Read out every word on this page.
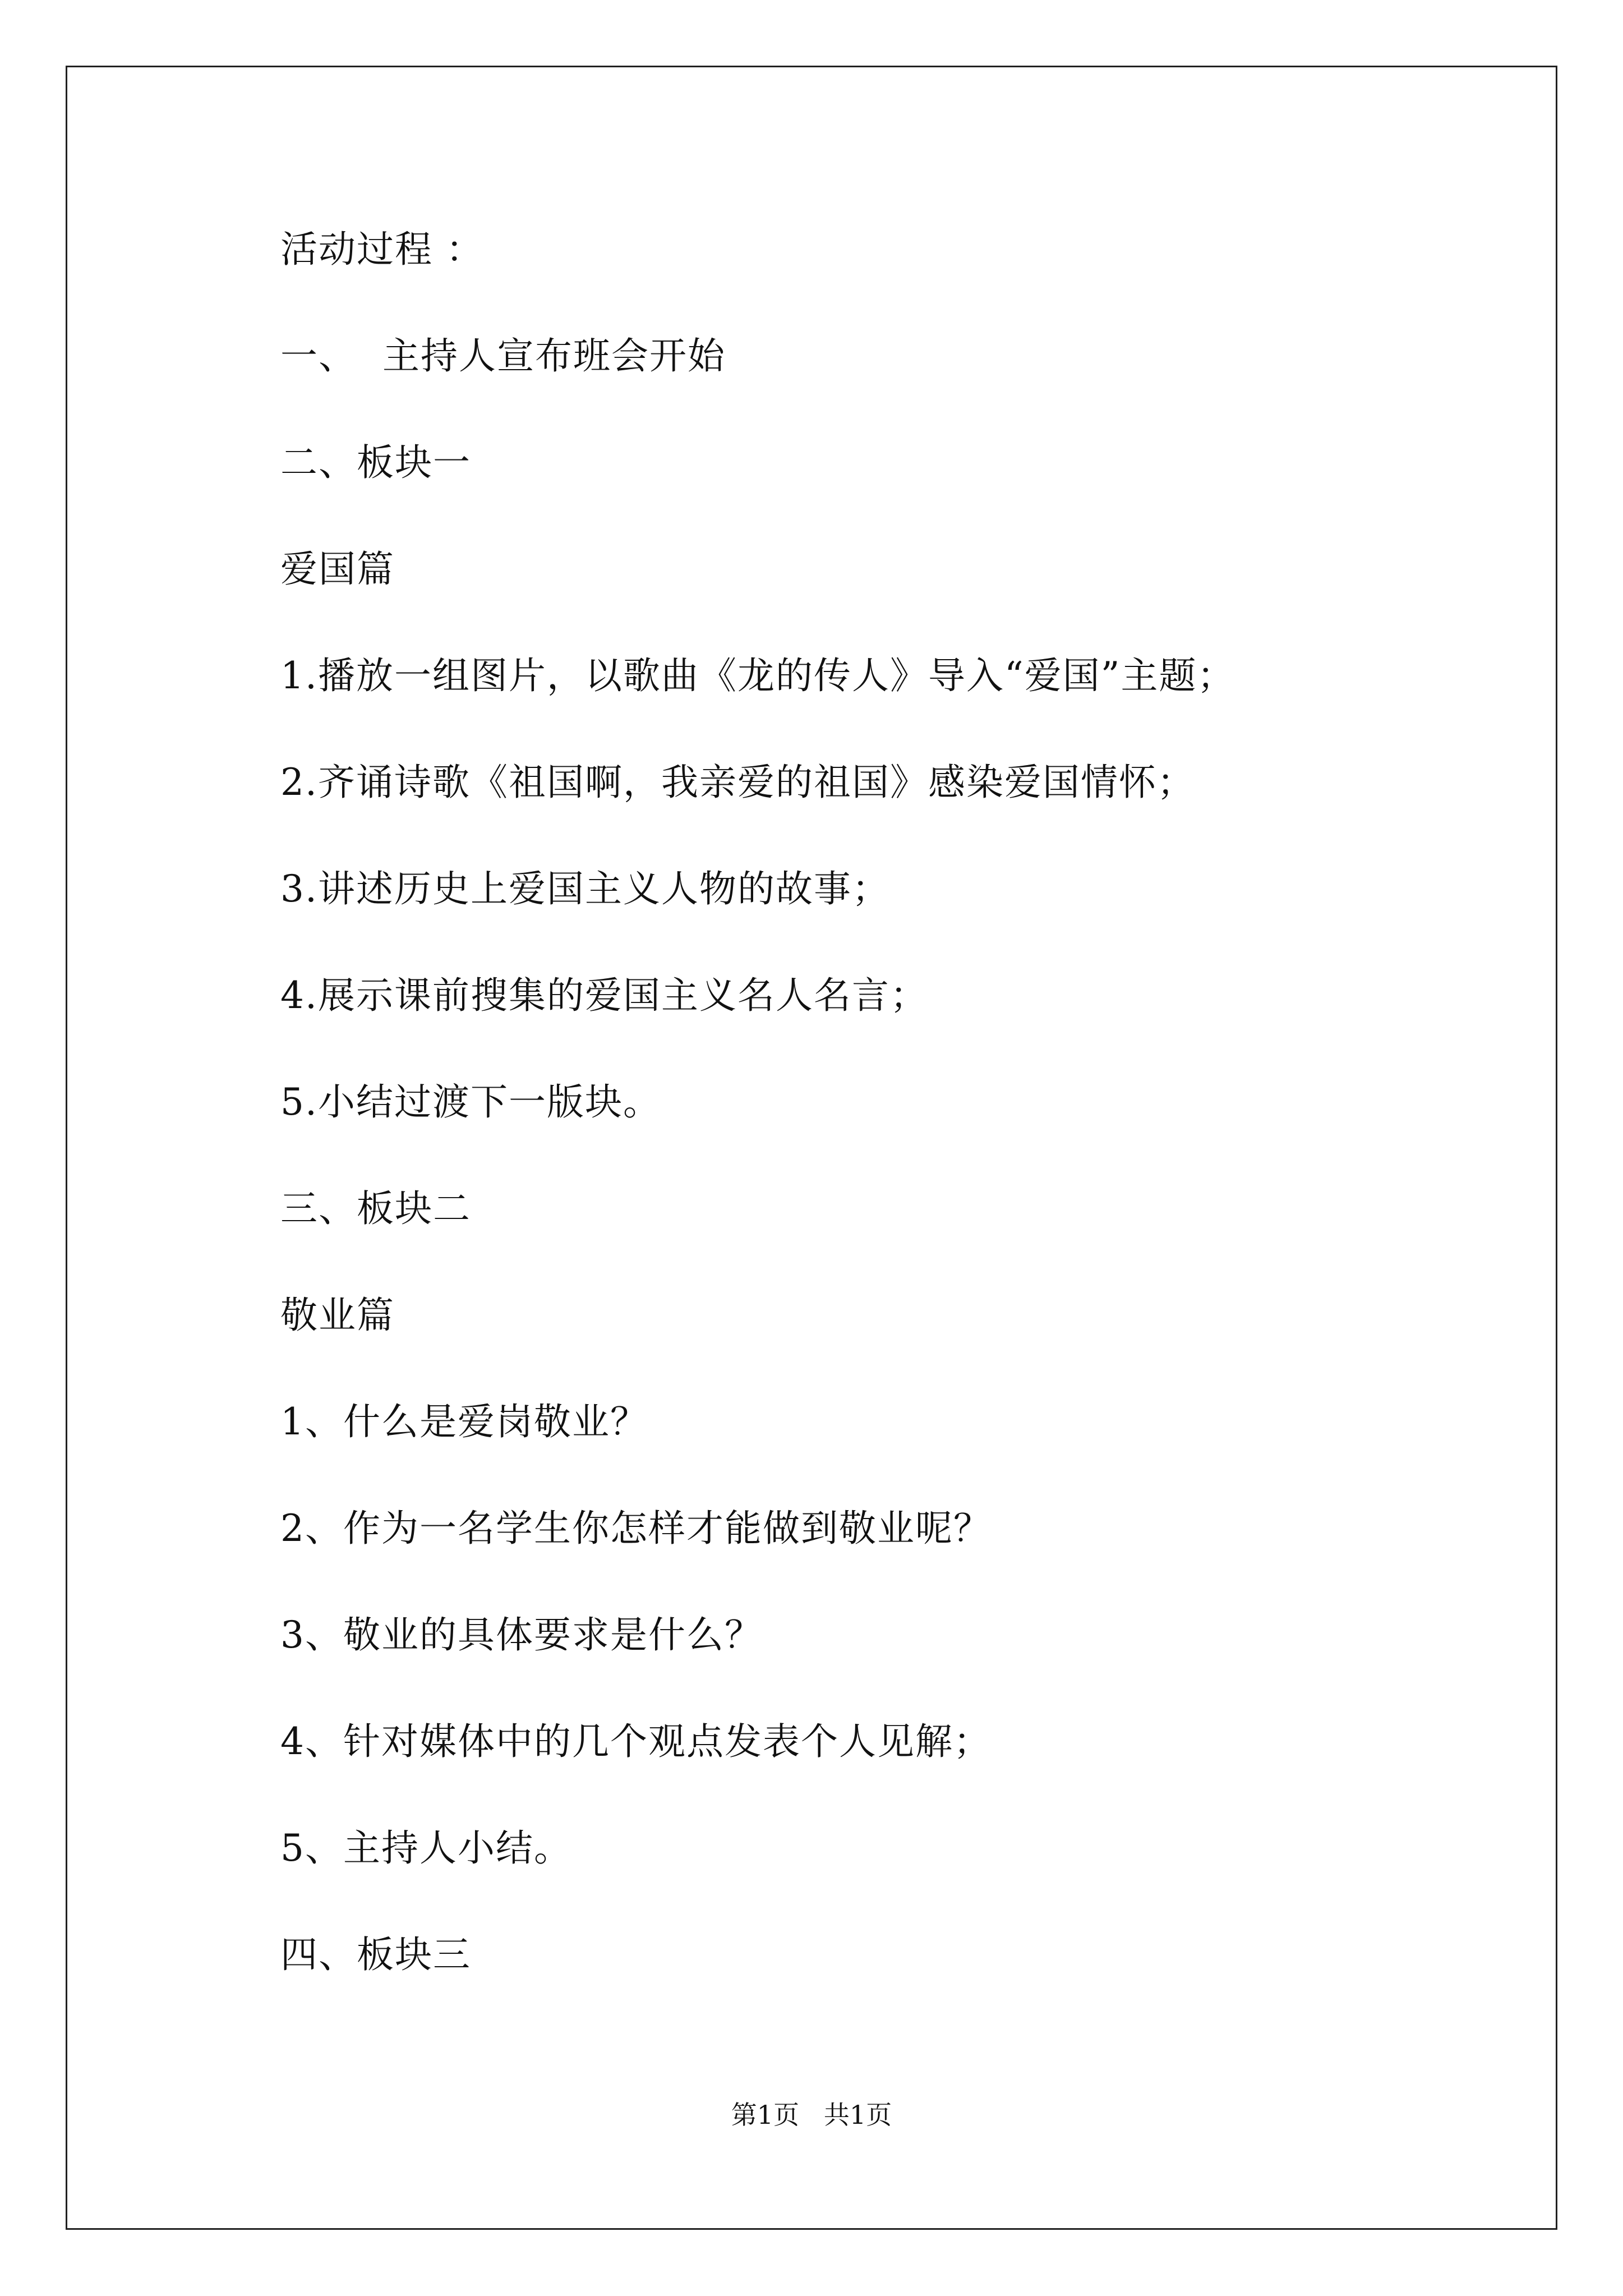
活动过程 ：
一、  主持人宣布班会开始
二、板块一
爱国篇
1.播放一组图片，以歌曲《龙的传人》导入“爱国”主题；
2.齐诵诗歌《祖国啊，我亲爱的祖国》感染爱国情怀；
3.讲述历史上爱国主义人物的故事；
4.展示课前搜集的爱国主义名人名言；
5.小结过渡下一版块。
三、板块二
敬业篇
1、什么是爱岗敬业？
2、作为一名学生你怎样才能做到敬业呢？
3、敬业的具体要求是什么？
4、针对媒体中的几个观点发表个人见解；
5、主持人小结。
四、板块三
第1页   共1页
